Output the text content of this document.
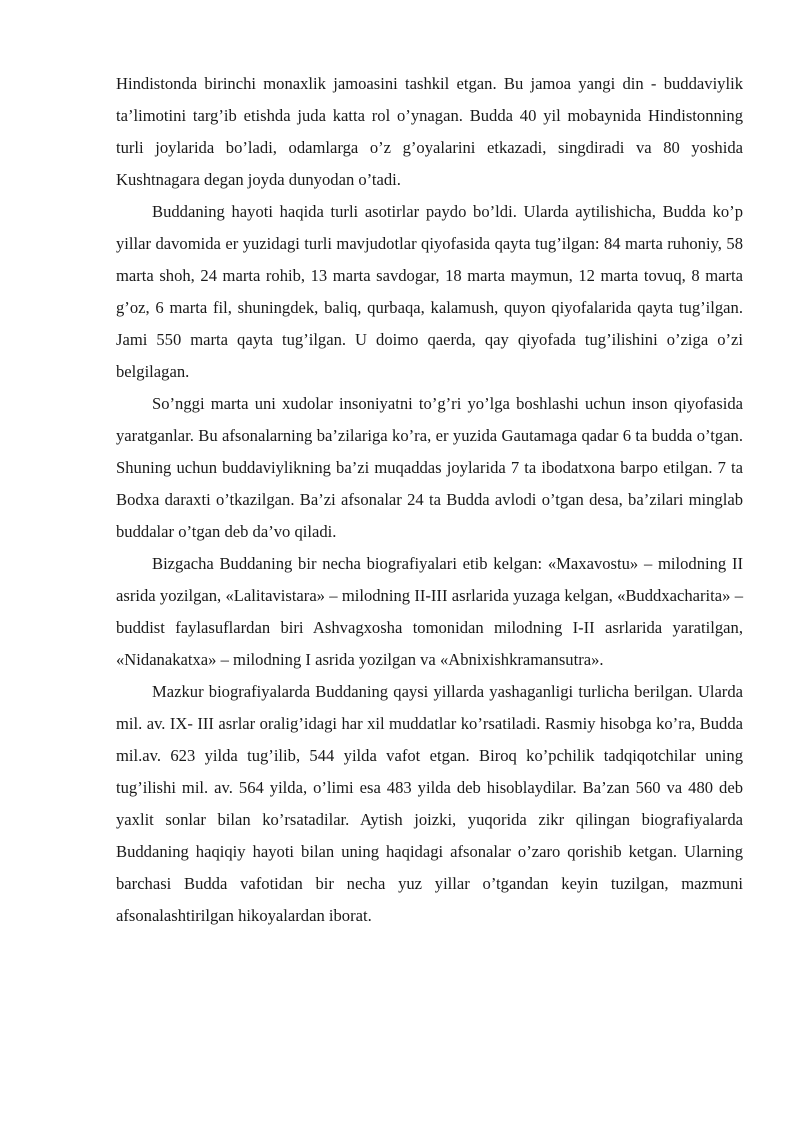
Hindistonda birinchi monaxlik jamoasini tashkil etgan. Bu jamoa yangi din - buddaviylik ta’limotini targ’ib etishda juda katta rol o’ynagan. Budda 40 yil mobaynida Hindistonning turli joylarida bo’ladi, odamlarga o’z g’oyalarini etkazadi, singdiradi va 80 yoshida Kushtnagara degan joyda dunyodan o’tadi.

Buddaning hayoti haqida turli asotirlar paydo bo’ldi. Ularda aytilishicha, Budda ko’p yillar davomida er yuzidagi turli mavjudotlar qiyofasida qayta tug’ilgan: 84 marta ruhoniy, 58 marta shoh, 24 marta rohib, 13 marta savdogar, 18 marta maymun, 12 marta tovuq, 8 marta g’oz, 6 marta fil, shuningdek, baliq, qurbaqa, kalamush, quyon qiyofalarida qayta tug’ilgan. Jami 550 marta qayta tug’ilgan. U doimo qaerda, qay qiyofada tug’ilishini o’ziga o’zi belgilagan.

So’nggi marta uni xudolar insoniyatni to’g’ri yo’lga boshlashi uchun inson qiyofasida yaratganlar. Bu afsonalarning ba’zilariga ko’ra, er yuzida Gautamaga qadar 6 ta budda o’tgan. Shuning uchun buddaviylikning ba’zi muqaddas joylarida 7 ta ibodatxona barpo etilgan. 7 ta Bodxa daraxti o’tkazilgan. Ba’zi afsonalar 24 ta Budda avlodi o’tgan desa, ba’zilari minglab buddalar o’tgan deb da’vo qiladi.

Bizgacha Buddaning bir necha biografiyalari etib kelgan: «Maxavostu» – milodning II asrida yozilgan, «Lalitavistara» – milodning II-III asrlarida yuzaga kelgan, «Buddxacharita» – buddist faylasuflardan biri Ashvagxosha tomonidan milodning I-II asrlarida yaratilgan, «Nidanakatxa» – milodning I asrida yozilgan va «Abnixishkramansutra».

Mazkur biografiyalarda Buddaning qaysi yillarda yashaganligi turlicha berilgan. Ularda mil. av. IX- III asrlar oralig’idagi har xil muddatlar ko’rsatiladi. Rasmiy hisobga ko’ra, Budda mil.av. 623 yilda tug’ilib, 544 yilda vafot etgan. Biroq ko’pchilik tadqiqotchilar uning tug’ilishi mil. av. 564 yilda, o’limi esa 483 yilda deb hisoblaydilar. Ba’zan 560 va 480 deb yaxlit sonlar bilan ko’rsatadilar. Aytish joizki, yuqorida zikr qilingan biografiyalarda Buddaning haqiqiy hayoti bilan uning haqidagi afsonalar o’zaro qorishib ketgan. Ularning barchasi Budda vafotidan bir necha yuz yillar o’tgandan keyin tuzilgan, mazmuni afsonalashtirilgan hikoyalardan iborat.
